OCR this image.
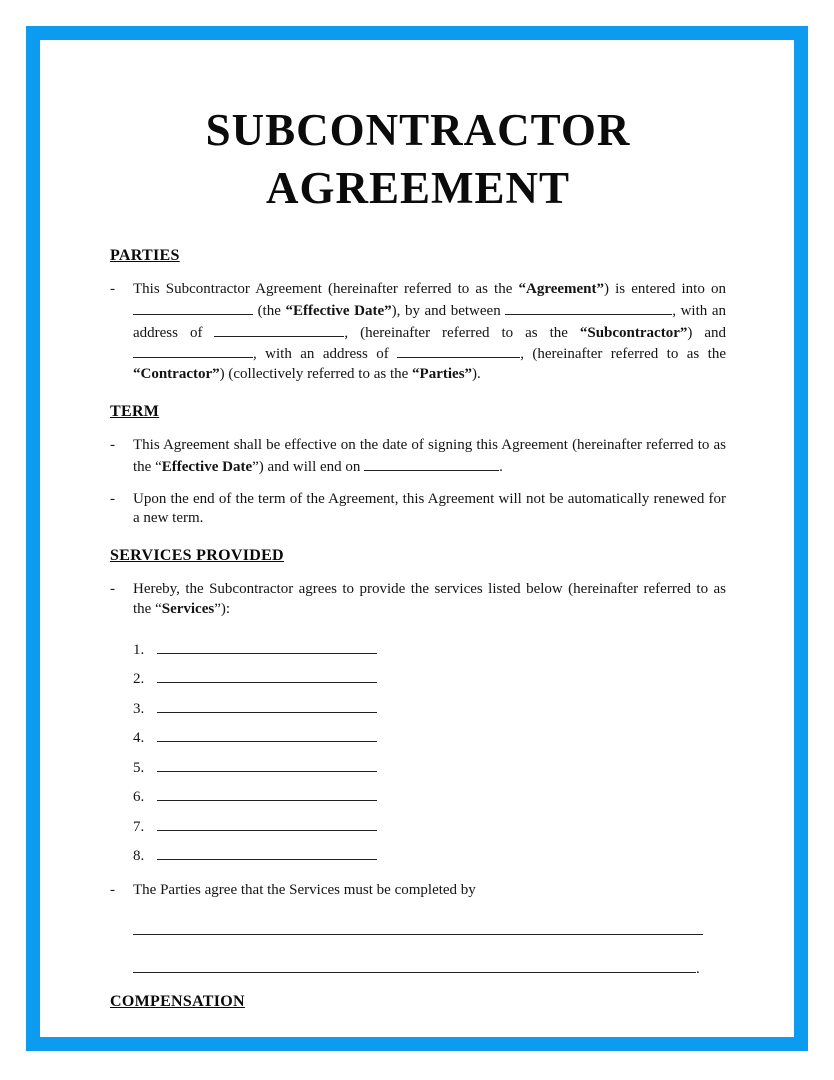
SUBCONTRACTOR
AGREEMENT
PARTIES
-	This Subcontractor Agreement (hereinafter referred to as the “Agreement”) is entered into on  (the “Effective Date”), by and between	, with an address of	, (hereinafter referred to as the “Subcontractor”) and , with an address of	, (hereinafter referred to as the “Contractor”) (collectively referred to as the “Parties”).
TERM
-	This Agreement shall be effective on the date of signing this Agreement (hereinafter referred to as the “Effective Date”) and will end on	.
-	Upon the end of the term of the Agreement, this Agreement will not be automatically renewed for a new term.
SERVICES PROVIDED
-	Hereby, the Subcontractor agrees to provide the services listed below (hereinafter referred to as the “Services”):
1.
2.
3.
4.
5.
6.
7.
8.
-	The Parties agree that the Services must be completed by
.
COMPENSATION
